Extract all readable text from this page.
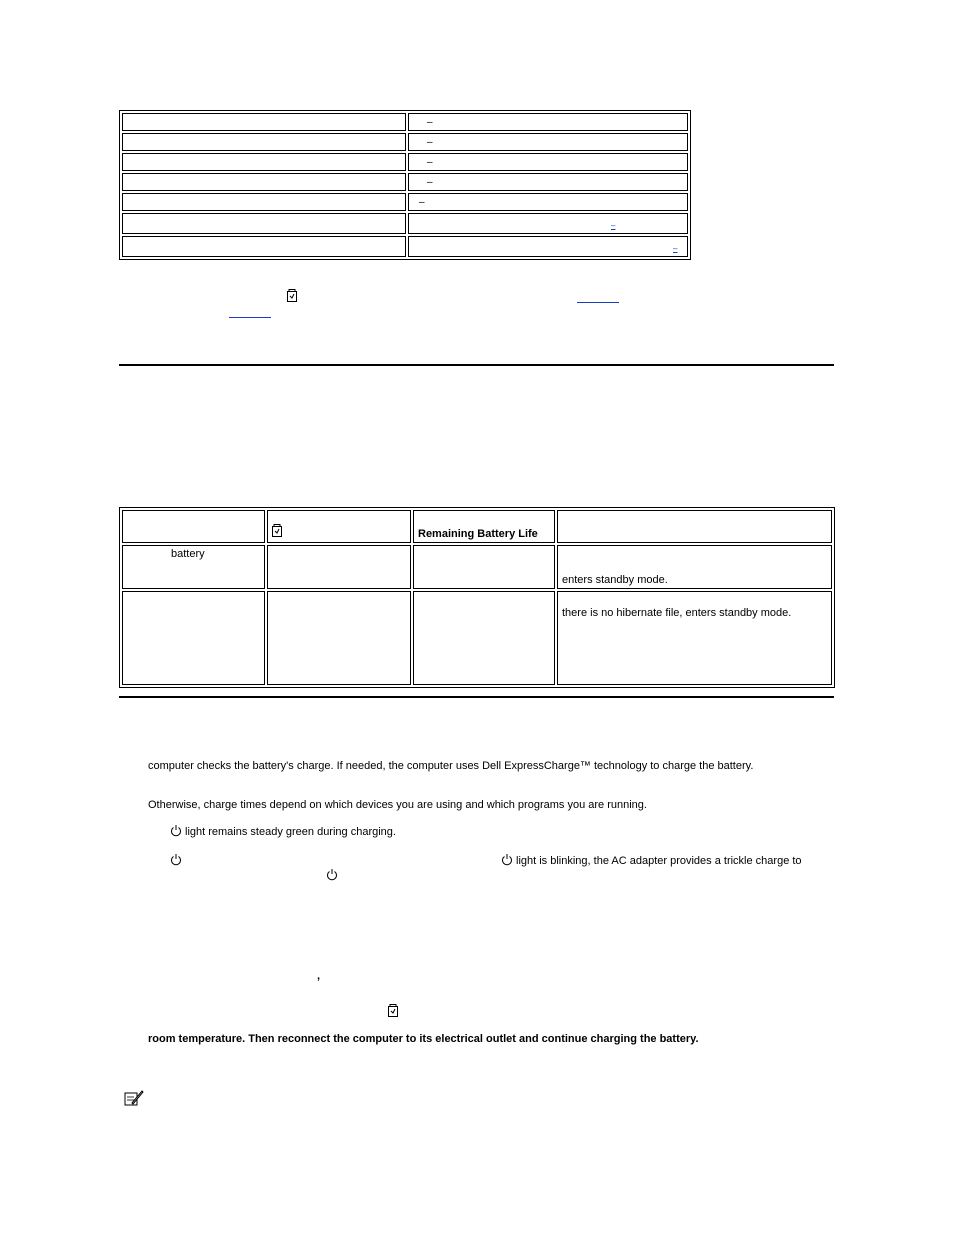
	–
	–
	–
	–
	–
	–
	–
		Remaining Battery Life	
battery			enters standby mode.
			there is no hibernate file, enters standby mode.

computer checks the battery's charge. If needed, the computer uses Dell ExpressCharge™ technology to charge the battery.

Otherwise, charge times depend on which devices you are using and which programs you are running.

light remains steady green during charging.

light is blinking, the AC adapter provides a trickle charge to

,

room temperature. Then reconnect the computer to its electrical outlet and continue charging the battery.
